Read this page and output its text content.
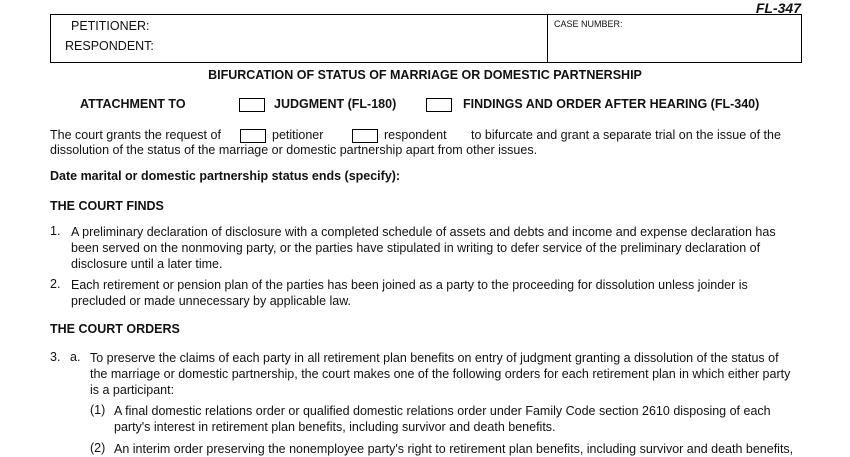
FL-347
PETITIONER:
RESPONDENT:
CASE NUMBER:
BIFURCATION OF STATUS OF MARRIAGE OR DOMESTIC PARTNERSHIP
ATTACHMENT TO	JUDGMENT (FL-180)	FINDINGS AND ORDER AFTER HEARING (FL-340)
The court grants the request of	petitioner	respondent to bifurcate and grant a separate trial on the issue of the
dissolution of the status of the marriage or domestic partnership apart from other issues.
Date marital or domestic partnership status ends (specify):
THE COURT FINDS
1. A preliminary declaration of disclosure with a completed schedule of assets and debts and income and expense declaration has
been served on the nonmoving party, or the parties have stipulated in writing to defer service of the preliminary declaration of
disclosure until a later time.
2. Each retirement or pension plan of the parties has been joined as a party to the proceeding for dissolution unless joinder is
precluded or made unnecessary by applicable law.
THE COURT ORDERS
3. a. To preserve the claims of each party in all retirement plan benefits on entry of judgment granting a dissolution of the status of
the marriage or domestic partnership, the court makes one of the following orders for each retirement plan in which either party
is a participant:
(1) A final domestic relations order or qualified domestic relations order under Family Code section 2610 disposing of each
party's interest in retirement plan benefits, including survivor and death benefits.
(2) An interim order preserving the nonemployee party's right to retirement plan benefits, including survivor and death benefits,
